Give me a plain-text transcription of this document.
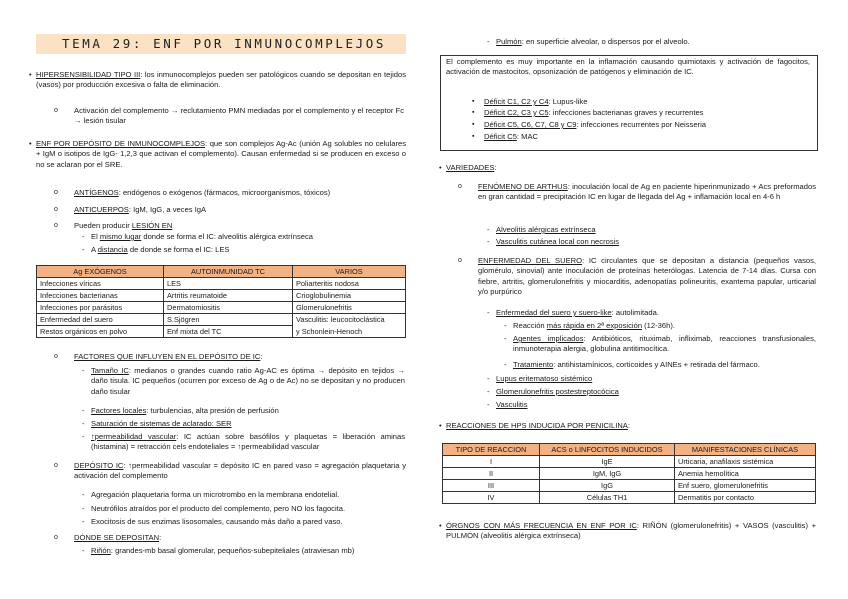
TEMA 29: ENF POR INMUNOCOMPLEJOS
• HIPERSENSIBILIDAD TIPO III: los inmunocomplejos pueden ser patológicos cuando se depositan en tejidos (vasos) por producción excesiva o falta de eliminación.
o Activación del complemento → reclutamiento PMN mediadas por el complemento y el receptor Fc → lesión tisular
• ENF POR DEPÓSITO DE INMUNOCOMPLEJOS: que son complejos Ag-Ac (unión Ag solubles no celulares + IgM o isotipos de IgG- 1,2,3 que activan el complemento). Causan enfermedad si se producen en exceso o no se aclaran por el SRE.
o ANTÍGENOS: endógenos o exógenos (fármacos, microorganismos, tóxicos)
o ANTICUERPOS: IgM, IgG, a veces IgA
o Pueden producir LESIÓN EN
- El mismo lugar donde se forma el IC: alveolitis alérgica extrínseca
- A distancia de donde se forma el IC: LES
Ag EXÓGENOS	AUTOINMUNIDAD TC	VARIOS
Infecciones víricas	LES	Poliarteritis nodosa
Infecciones bacterianas	Artritis reumatoide	Crioglobulinemia
Infecciones por parásitos	Dermatomiositis	Glomerulonefritis
Enfermedad del suero	S.Sjögren	Vasculitis: leucocitoclástica
Restos orgánicos en polvo	Enf mixta del TC	y Schonlein-Henoch
o FACTORES QUE INFLUYEN EN EL DEPÓSITO DE IC:
- Tamaño IC: medianos o grandes cuando ratio Ag-AC es óptima → depósito en tejidos → daño tisula. IC pequeños (ocurren por exceso de Ag o de Ac) no se depositan y no producen daño tisular
- Factores locales: turbulencias, alta presión de perfusión
- Saturación de sistemas de aclarado: SER
- ↑permeabilidad vascular: IC actúan sobre basófilos y plaquetas = liberación aminas (histamina) = retracción cels endoteliales = ↑permeabilidad vascular
o DEPÓSITO IC: ↑permeabilidad vascular = depósito IC en pared vaso = agregación plaquetaria y activación del complemento
- Agregación plaquetaria forma un microtrombo en la membrana endotelial.
- Neutrófilos atraídos por el producto del complemento, pero NO los fagocita.
- Exocitosis de sus enzimas lisosomales, causando más daño a pared vaso.
o DÓNDE SE DEPOSITAN:
- Riñón: grandes-mb basal glomerular, pequeños-subepiteliales (atraviesan mb)
- Pulmón: en superficie alveolar, o dispersos por el alveolo.
El complemento es muy importante en la inflamación causando quimiotaxis y activación de fagocitos, activación de mastocitos, opsonización de patógenos y eliminación de IC.
▪ Déficit C1, C2 y C4: Lupus-like
▪ Déficit C2, C3 y C5: infecciones bacterianas graves y recurrentes
▪ Déficit C5, C6, C7, C8 y C9: infecciones recurrentes por Neisseria
▪ Déficit C5: MAC
• VARIEDADES:
o FENÓMENO DE ARTHUS: inoculación local de Ag en paciente hiperinmunizado + Acs preformados en gran cantidad = precipitación IC en lugar de llegada del Ag + inflamación local en 4-6 h
- Alveolitis alérgicas extrínseca
- Vasculitis cutánea local con necrosis
o ENFERMEDAD DEL SUERO: IC circulantes que se depositan a distancia (pequeños vasos, glomérulo, sinovial) ante inoculación de proteínas heterólogas. Latencia de 7-14 días. Cursa con fiebre, artritis, glomerulonefritis y miocarditis, adenopatías polineuritis, exantema papular, urticarial y/o purpúrico
- Enfermedad del suero y suero-like: autolimitada.
- Reacción más rápida en 2ª exposición (12-36h).
- Agentes implicados: Antibióticos, rituximab, infliximab, reacciones transfusionales, inmunoterapia alergia, globulina antitimocítica.
- Tratamiento: antihistamínicos, corticoides y AINEs + retirada del fármaco.
- Lupus eritematoso sistémico
- Glomerulonefritis postestreptocócica
- Vasculitis
• REACCIONES DE HPS INDUCIDA POR PENICILINA:
TIPO DE REACCION	ACS o LINFOCITOS INDUCIDOS	MANIFESTACIONES CLÍNICAS
I	IgE	Urticaria, anafilaxis sistémica
II	IgM, IgG	Anemia hemolítica
III	IgG	Enf suero, glomerulonefritis
IV	Células TH1	Dermatitis por contacto
• ÓRGNOS CON MÁS FRECUENCIA EN ENF POR IC: RIÑÓN (glomerulonefritis) + VASOS (vasculitis) + PULMÓN (alveolitis alérgica extrínseca)
